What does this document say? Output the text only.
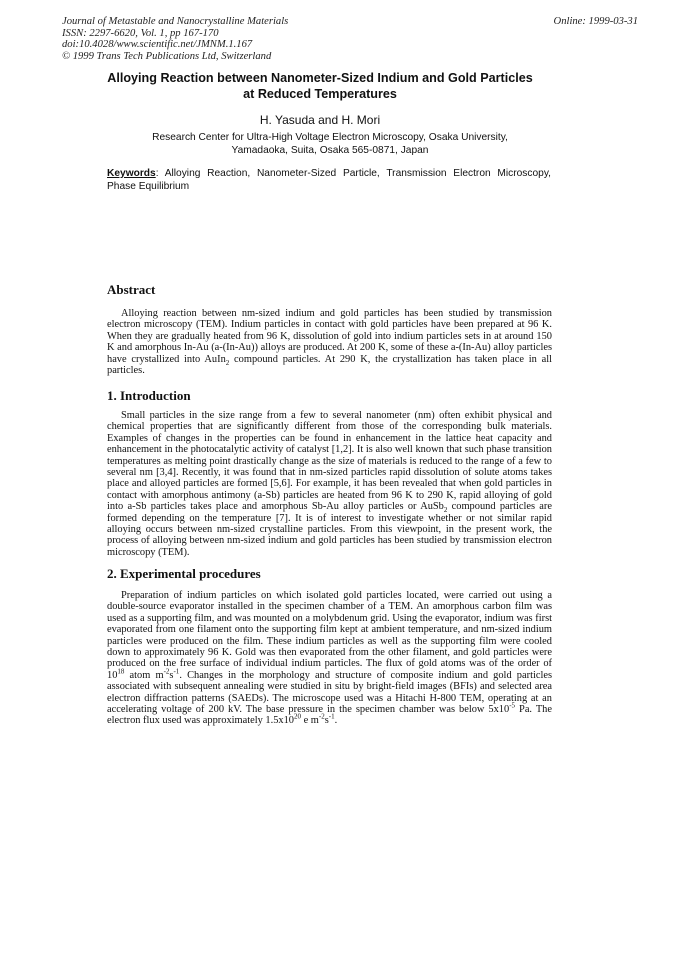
Journal of Metastable and Nanocrystalline Materials
ISSN: 2297-6620, Vol. 1, pp 167-170
doi:10.4028/www.scientific.net/JMNM.1.167
© 1999 Trans Tech Publications Ltd, Switzerland
Online: 1999-03-31
Alloying Reaction between Nanometer-Sized Indium and Gold Particles
at Reduced Temperatures
H. Yasuda and H. Mori
Research Center for Ultra-High Voltage Electron Microscopy, Osaka University,
Yamadaoka, Suita, Osaka 565-0871, Japan
Keywords: Alloying Reaction, Nanometer-Sized Particle, Transmission Electron Microscopy, Phase Equilibrium
Abstract
Alloying reaction between nm-sized indium and gold particles has been studied by transmission electron microscopy (TEM). Indium particles in contact with gold particles have been prepared at 96 K. When they are gradually heated from 96 K, dissolution of gold into indium particles sets in at around 150 K and amorphous In-Au (a-(In-Au)) alloys are produced. At 200 K, some of these a-(In-Au) alloy particles have crystallized into AuIn$_2$ compound particles. At 290 K, the crystallization has taken place in all particles.
1. Introduction
Small particles in the size range from a few to several nanometer (nm) often exhibit physical and chemical properties that are significantly different from those of the corresponding bulk materials. Examples of changes in the properties can be found in enhancement in the lattice heat capacity and enhancement in the photocatalytic activity of catalyst [1,2]. It is also well known that such phase transition temperatures as melting point drastically change as the size of materials is reduced to the range of a few to several nm [3,4]. Recently, it was found that in nm-sized particles rapid dissolution of solute atoms takes place and alloyed particles are formed [5,6]. For example, it has been revealed that when gold particles in contact with amorphous antimony (a-Sb) particles are heated from 96 K to 290 K, rapid alloying of gold into a-Sb particles takes place and amorphous Sb-Au alloy particles or AuSb$_2$ compound particles are formed depending on the temperature [7]. It is of interest to investigate whether or not similar rapid alloying occurs between nm-sized crystalline particles. From this viewpoint, in the present work, the process of alloying between nm-sized indium and gold particles has been studied by transmission electron microscopy (TEM).
2. Experimental procedures
Preparation of indium particles on which isolated gold particles located, were carried out using a double-source evaporator installed in the specimen chamber of a TEM. An amorphous carbon film was used as a supporting film, and was mounted on a molybdenum grid. Using the evaporator, indium was first evaporated from one filament onto the supporting film kept at ambient temperature, and nm-sized indium particles were produced on the film. These indium particles as well as the supporting film were cooled down to approximately 96 K. Gold was then evaporated from the other filament, and gold particles were produced on the free surface of individual indium particles. The flux of gold atoms was of the order of $10^{18}$ atom $m^{-2}s^{-1}$. Changes in the morphology and structure of composite indium and gold particles associated with subsequent annealing were studied in situ by bright-field images (BFIs) and selected area electron diffraction patterns (SAEDs). The microscope used was a Hitachi H-800 TEM, operating at an accelerating voltage of 200 kV. The base pressure in the specimen chamber was below $5x10^{-5}$ Pa. The electron flux used was approximately $1.5x10^{20}$ e $m^{-2}s^{-1}$.
